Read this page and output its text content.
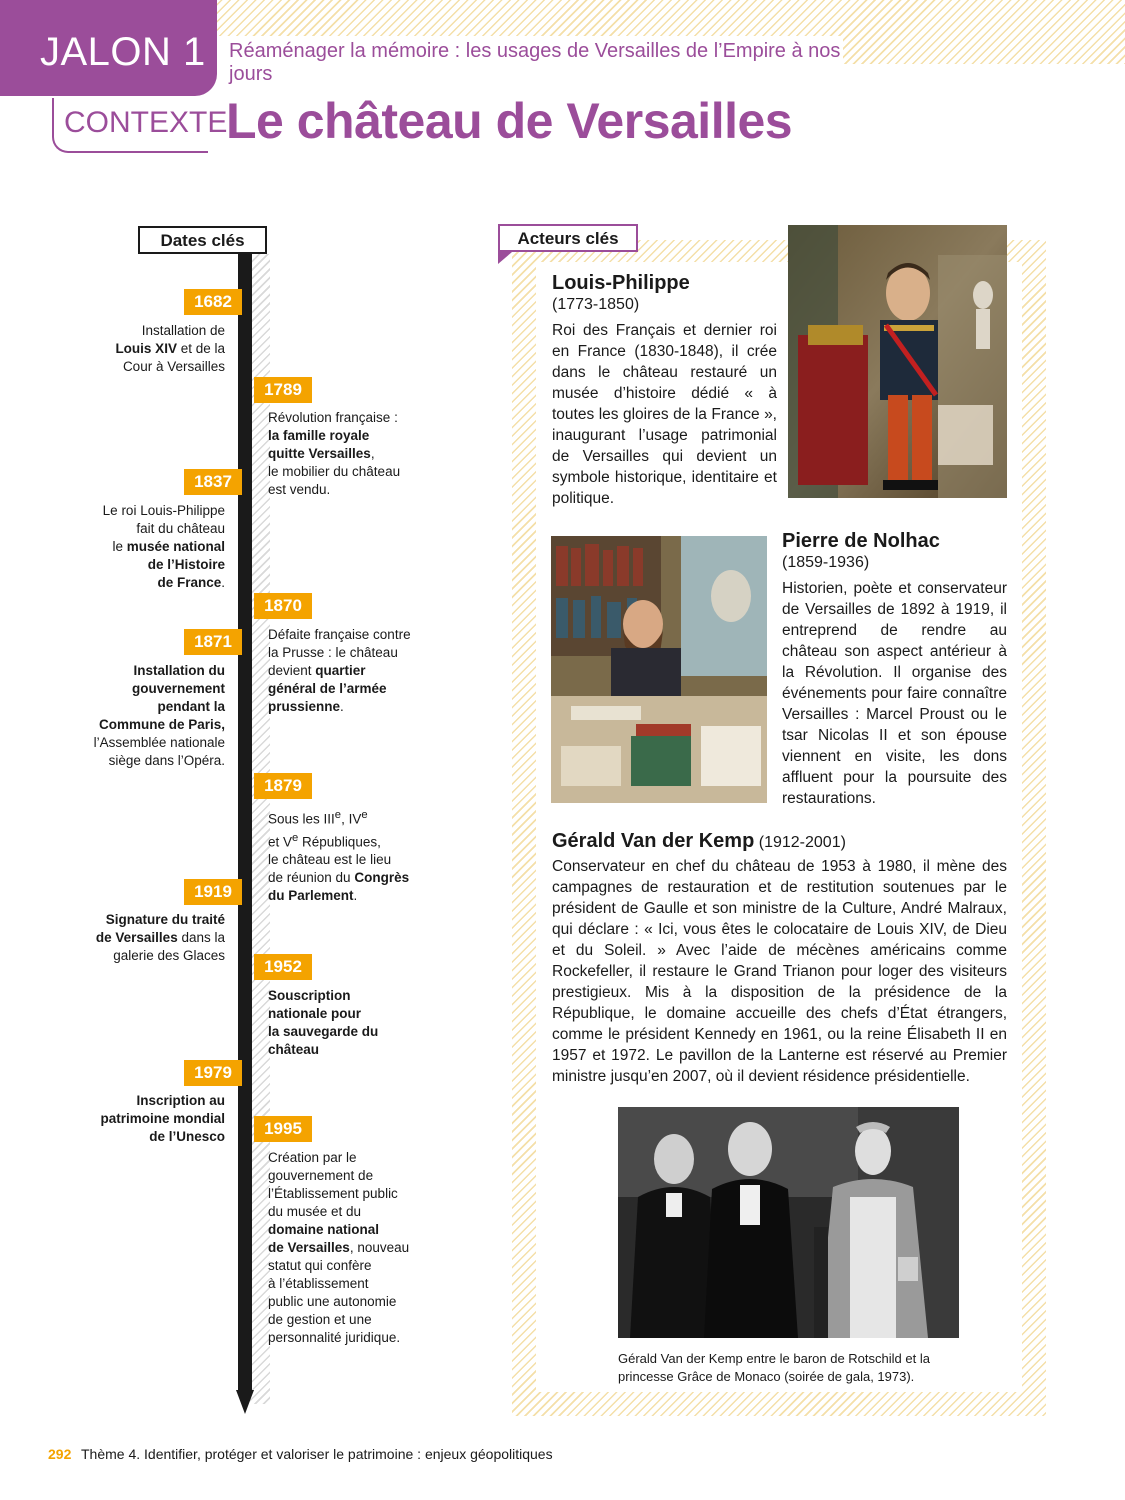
JALON 1	Réaménager la mémoire : les usages de Versailles de l’Empire à nos jours
CONTEXTE
Le château de Versailles
Dates clés	Acteurs clés
Louis-Philippe
(1773-1850)
Roi des Français et dernier roi en France (1830-1848), il crée dans le château restauré un musée d’histoire dédié « à toutes les gloires de la France », inaugurant l’usage patrimonial de Versailles qui devient un symbole historique, identitaire et politique.
Pierre de Nolhac
(1859-1936)
Historien, poète et conservateur de Versailles de 1892 à 1919, il entreprend de rendre au château son aspect antérieur à la Révolution. Il organise des événements pour faire connaître Versailles : Marcel Proust ou le tsar Nicolas II et son épouse viennent en visite, les dons affluent pour la poursuite des restaurations.
Gérald Van der Kemp (1912-2001)
Conservateur en chef du château de 1953 à 1980, il mène des campagnes de restauration et de restitution soutenues par le président de Gaulle et son ministre de la Culture, André Malraux, qui déclare : « Ici, vous êtes le colocataire de Louis XIV, de Dieu et du Soleil. » Avec l’aide de mécènes américains comme Rockefeller, il restaure le Grand Trianon pour loger des visiteurs prestigieux. Mis à la disposition de la présidence de la République, le domaine accueille des chefs d’État étrangers, comme le président Kennedy en 1961, ou la reine Élisabeth II en 1957 et 1972. Le pavillon de la Lanterne est réservé au Premier ministre jusqu’en 2007, où il devient résidence présidentielle.
Gérald Van der Kemp entre le baron de Rotschild et la princesse Grâce de Monaco (soirée de gala, 1973).
292 Thème 4. Identifier, protéger et valoriser le patrimoine : enjeux géopolitiques
1682
Installation de
Louis XIV et de la
Cour à Versailles
1789
Révolution française :
la famille royale
quitte Versailles,
le mobilier du château
est vendu.
1837
Le roi Louis-Philippe
fait du château
le musée national
de l’Histoire
de France.
1870
Défaite française contre
la Prusse : le château
devient quartier
général de l’armée
prussienne.
1871
Installation du
gouvernement
pendant la
Commune de Paris,
l’Assemblée nationale
siège dans l’Opéra.
1879
Sous les IIIe, IVe
et Ve Républiques,
le château est le lieu
de réunion du Congrès
du Parlement.
1919
Signature du traité
de Versailles dans la
galerie des Glaces
1952
Souscription
nationale pour
la sauvegarde du
château
1979
Inscription au
patrimoine mondial
de l’Unesco	1995
Création par le
gouvernement de
l’Établissement public
du musée et du
domaine national
de Versailles, nouveau
statut qui confère
à l’établissement
public une autonomie
de gestion et une
personnalité juridique.
